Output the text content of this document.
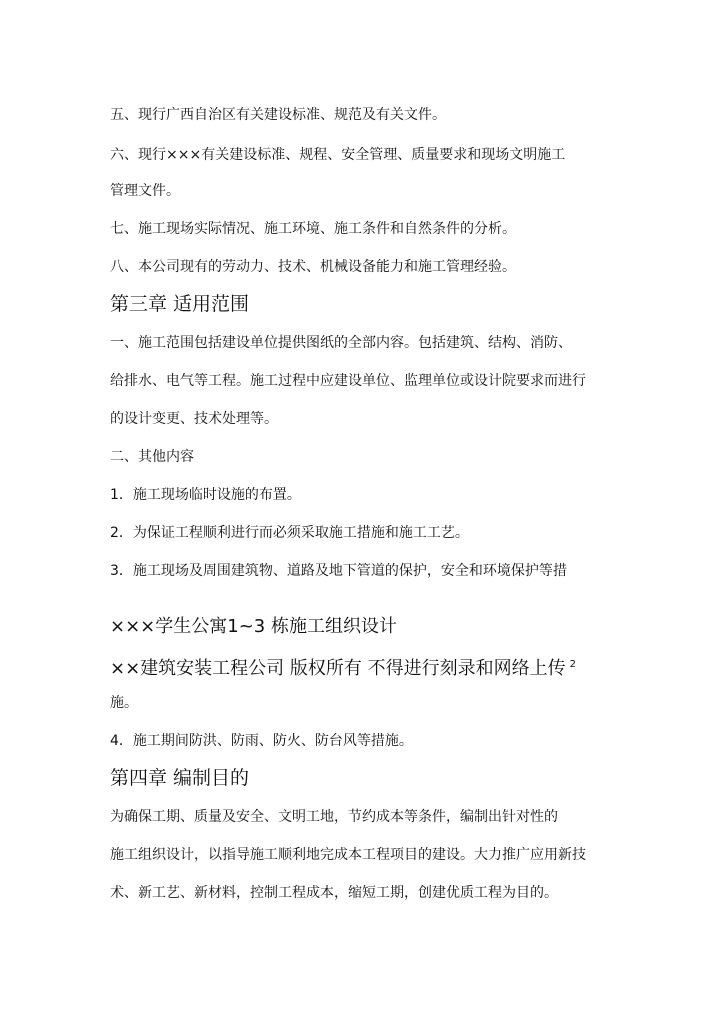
五、现行广西自治区有关建设标准、规范及有关文件。
六、现行×××有关建设标准、规程、安全管理、质量要求和现场文明施工
管理文件。
七、施工现场实际情况、施工环境、施工条件和自然条件的分析。
八、本公司现有的劳动力、技术、机械设备能力和施工管理经验。
第三章 适用范围
一、施工范围包括建设单位提供图纸的全部内容。包括建筑、结构、消防、
给排水、电气等工程。施工过程中应建设单位、监理单位或设计院要求而进行
的设计变更、技术处理等。
二、其他内容
1．施工现场临时设施的布置。
2．为保证工程顺利进行而必须采取施工措施和施工工艺。
3．施工现场及周围建筑物、道路及地下管道的保护，安全和环境保护等措
×××学生公寓1~3 栋施工组织设计
××建筑安装工程公司 版权所有 不得进行刻录和网络上传 $^2$
施。
4．施工期间防洪、防雨、防火、防台风等措施。
第四章 编制目的
为确保工期、质量及安全、文明工地，节约成本等条件，编制出针对性的
施工组织设计，以指导施工顺利地完成本工程项目的建设。大力推广应用新技
术、新工艺、新材料，控制工程成本，缩短工期，创建优质工程为目的。
